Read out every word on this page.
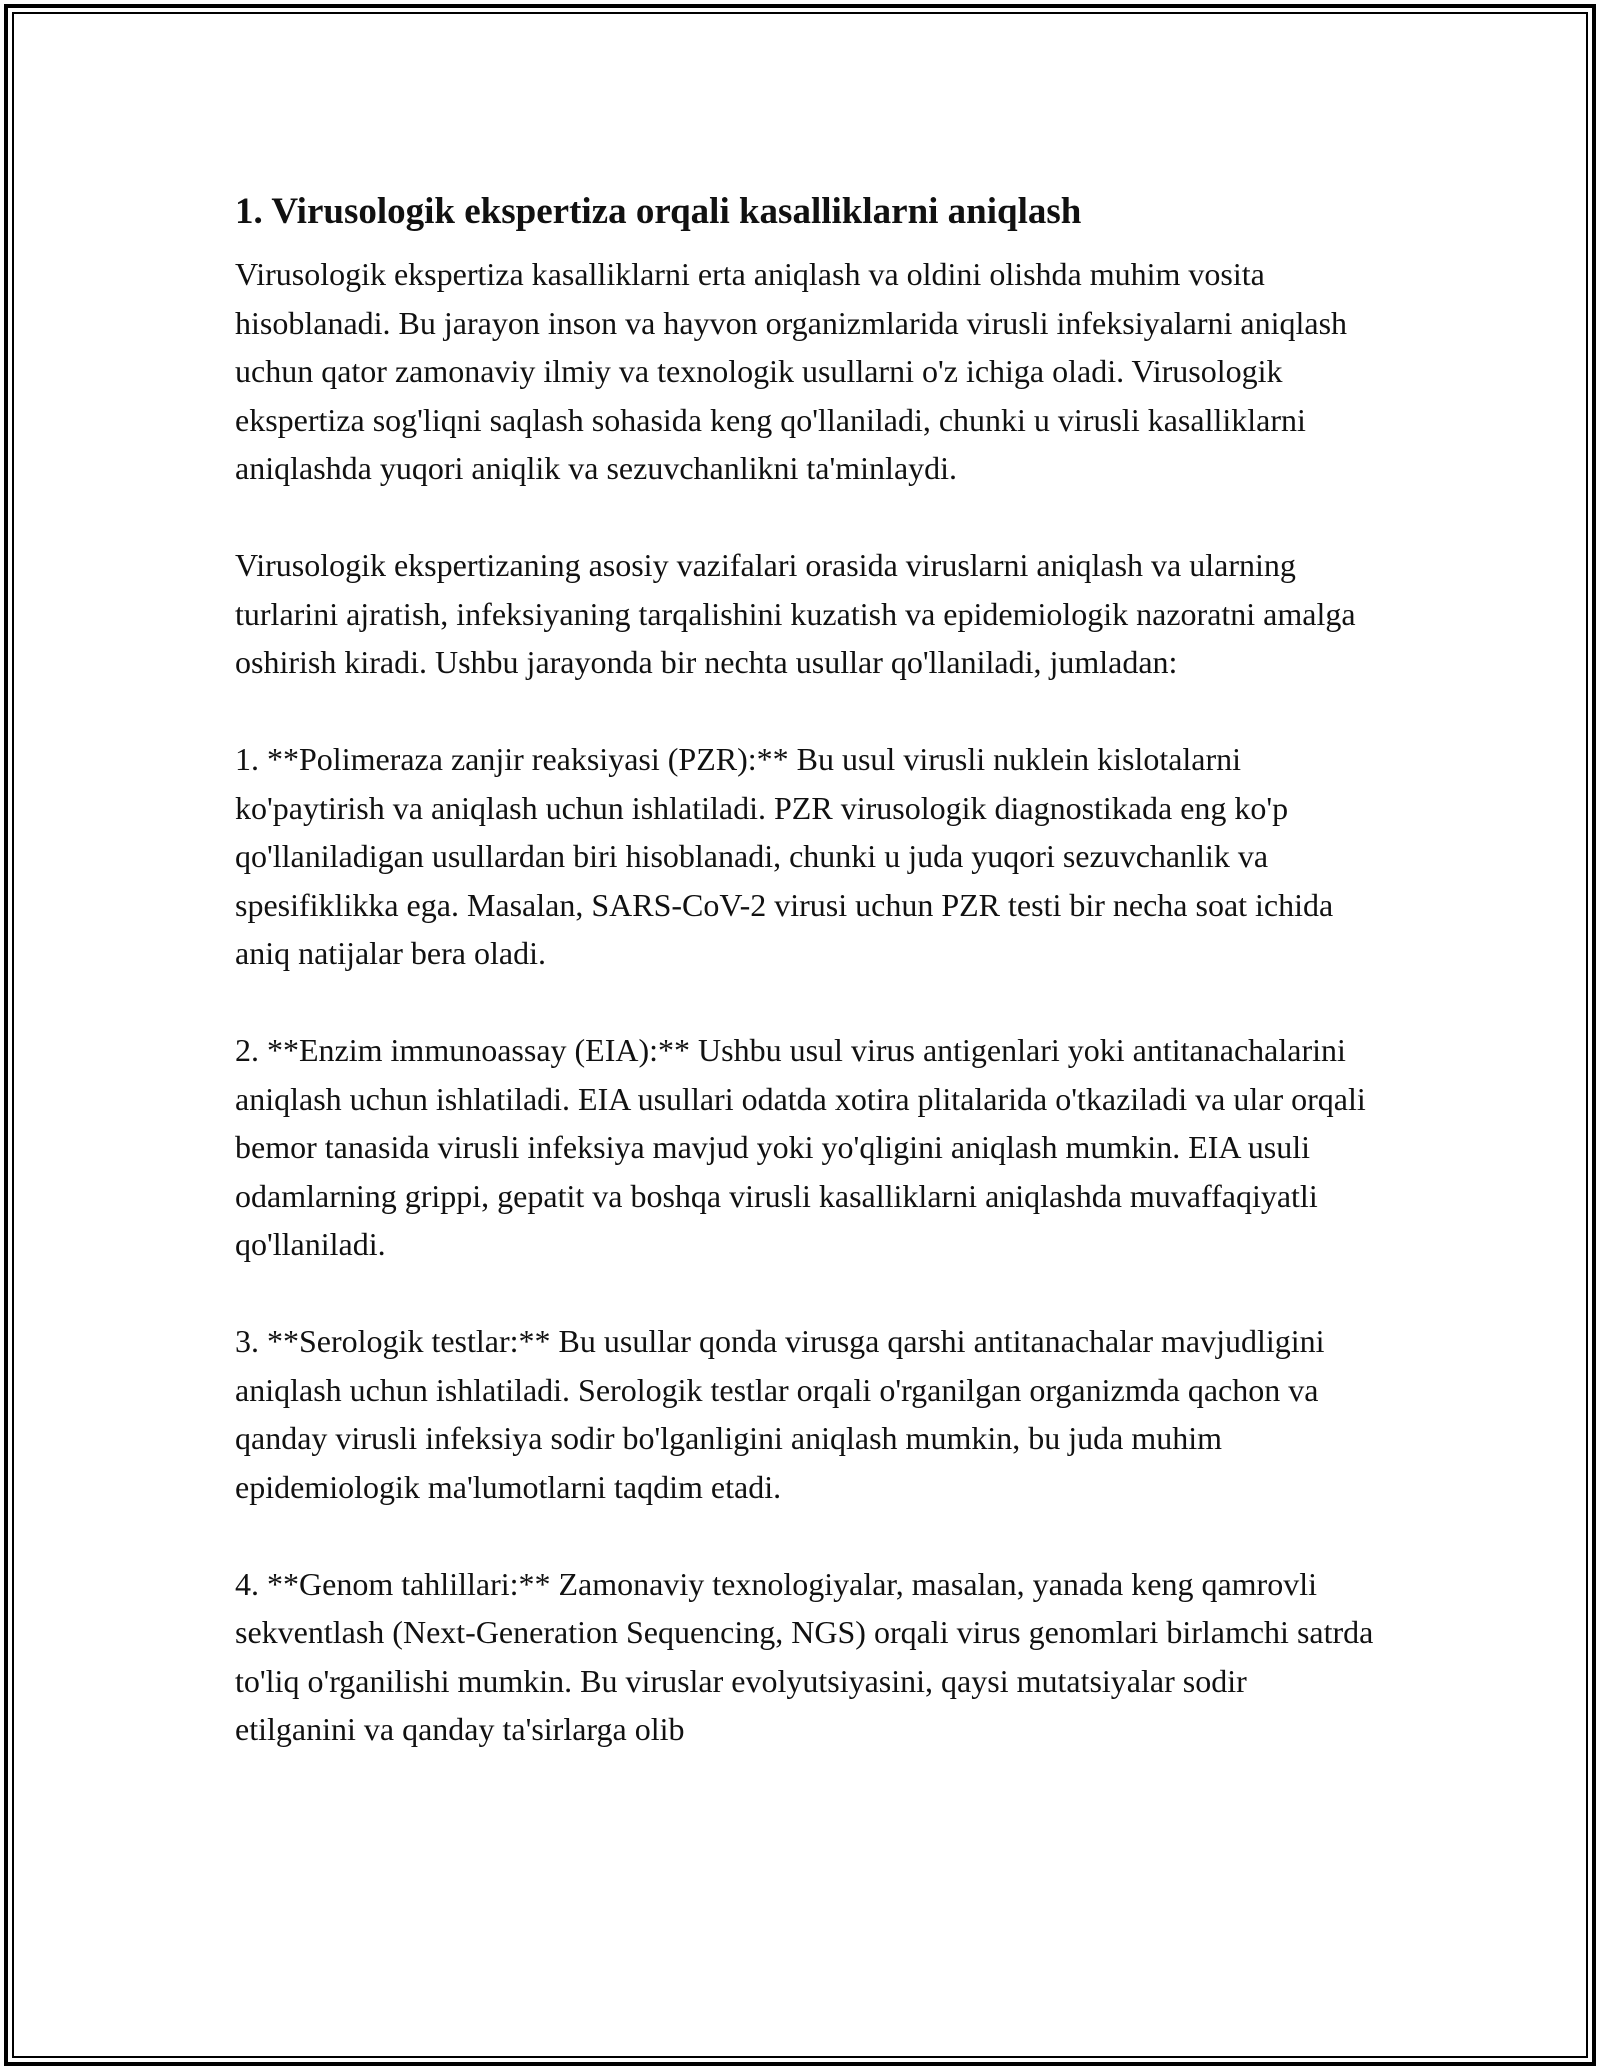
1. Virusologik ekspertiza orqali kasalliklarni aniqlash

Virusologik ekspertiza kasalliklarni erta aniqlash va oldini olishda muhim vosita hisoblanadi. Bu jarayon inson va hayvon organizmlarida virusli infeksiyalarni aniqlash uchun qator zamonaviy ilmiy va texnologik usullarni o'z ichiga oladi. Virusologik ekspertiza sog'liqni saqlash sohasida keng qo'llaniladi, chunki u virusli kasalliklarni aniqlashda yuqori aniqlik va sezuvchanlikni ta'minlaydi.

Virusologik ekspertizaning asosiy vazifalari orasida viruslarni aniqlash va ularning turlarini ajratish, infeksiyaning tarqalishini kuzatish va epidemiologik nazoratni amalga oshirish kiradi. Ushbu jarayonda bir nechta usullar qo'llaniladi, jumladan:

1. **Polimeraza zanjir reaksiyasi (PZR):** Bu usul virusli nuklein kislotalarni ko'paytirish va aniqlash uchun ishlatiladi. PZR virusologik diagnostikada eng ko'p qo'llaniladigan usullardan biri hisoblanadi, chunki u juda yuqori sezuvchanlik va spesifiklikka ega. Masalan, SARS-CoV-2 virusi uchun PZR testi bir necha soat ichida aniq natijalar bera oladi.

2. **Enzim immunoassay (EIA):** Ushbu usul virus antigenlari yoki antitanachalarini aniqlash uchun ishlatiladi. EIA usullari odatda xotira plitalarida o'tkaziladi va ular orqali bemor tanasida virusli infeksiya mavjud yoki yo'qligini aniqlash mumkin. EIA usuli odamlarning grippi, gepatit va boshqa virusli kasalliklarni aniqlashda muvaffaqiyatli qo'llaniladi.

3. **Serologik testlar:** Bu usullar qonda virusga qarshi antitanachalar mavjudligini aniqlash uchun ishlatiladi. Serologik testlar orqali o'rganilgan organizmda qachon va qanday virusli infeksiya sodir bo'lganligini aniqlash mumkin, bu juda muhim epidemiologik ma'lumotlarni taqdim etadi.

4. **Genom tahlillari:** Zamonaviy texnologiyalar, masalan, yanada keng qamrovli sekventlash (Next-Generation Sequencing, NGS) orqali virus genomlari birlamchi satrda to'liq o'rganilishi mumkin. Bu viruslar evolyutsiyasini, qaysi mutatsiyalar sodir etilganini va qanday ta'sirlarga olib
